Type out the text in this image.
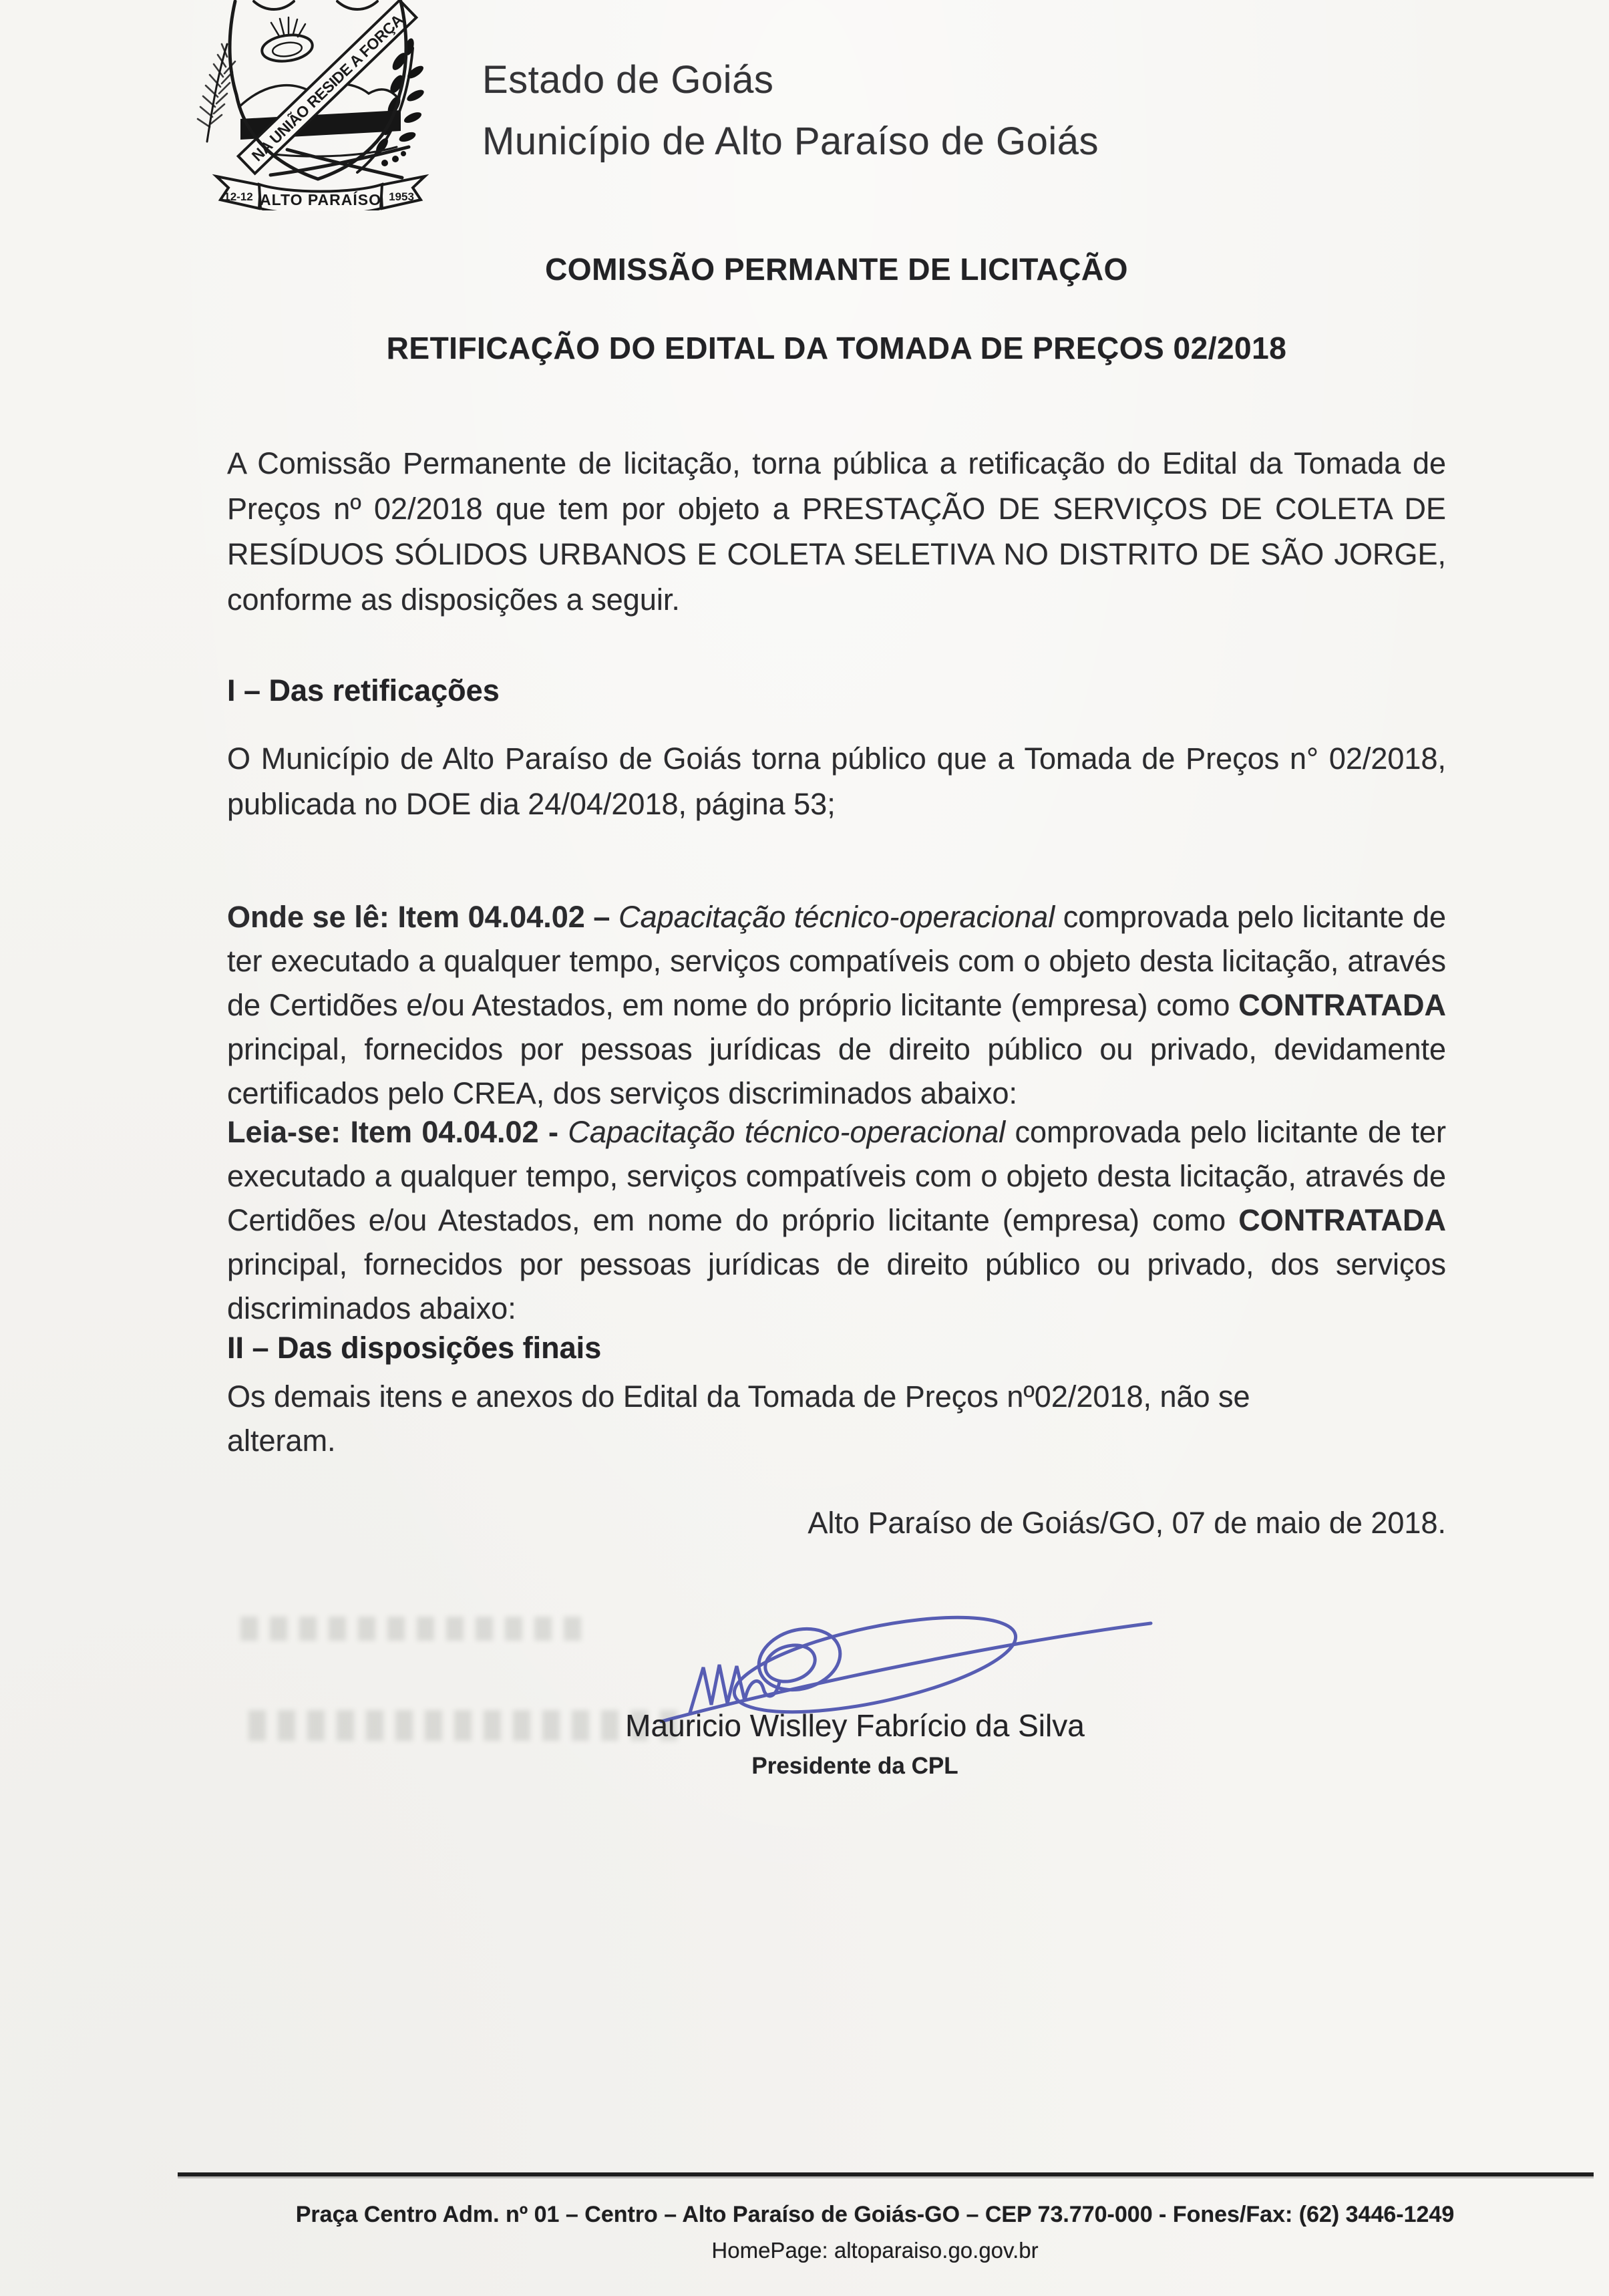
NA UNIÃO RESIDE A FORÇA
12-12 ALTO PARAÍSO 1953
Estado de Goiás
Município de Alto Paraíso de Goiás
COMISSÃO PERMANTE DE LICITAÇÃO
RETIFICAÇÃO DO EDITAL DA TOMADA DE PREÇOS 02/2018
A Comissão Permanente de licitação, torna pública a retificação do Edital da Tomada de Preços nº 02/2018 que tem por objeto a PRESTAÇÃO DE SERVIÇOS DE COLETA DE RESÍDUOS SÓLIDOS URBANOS E COLETA SELETIVA NO DISTRITO DE SÃO JORGE, conforme as disposições a seguir.
I – Das retificações
O Município de Alto Paraíso de Goiás torna público que a Tomada de Preços n° 02/2018, publicada no DOE dia 24/04/2018, página 53;
Onde se lê: Item 04.04.02 – Capacitação técnico-operacional comprovada pelo licitante de ter executado a qualquer tempo, serviços compatíveis com o objeto desta licitação, através de Certidões e/ou Atestados, em nome do próprio licitante (empresa) como CONTRATADA principal, fornecidos por pessoas jurídicas de direito público ou privado, devidamente certificados pelo CREA, dos serviços discriminados abaixo:
Leia-se: Item 04.04.02 - Capacitação técnico-operacional comprovada pelo licitante de ter executado a qualquer tempo, serviços compatíveis com o objeto desta licitação, através de Certidões e/ou Atestados, em nome do próprio licitante (empresa) como CONTRATADA principal, fornecidos por pessoas jurídicas de direito público ou privado, dos serviços discriminados abaixo:
II – Das disposições finais
Os demais itens e anexos do Edital da Tomada de Preços nº02/2018, não se alteram.
Alto Paraíso de Goiás/GO, 07 de maio de 2018.
Mauricio Wislley Fabrício da Silva
Presidente da CPL
Praça Centro Adm. nº 01 – Centro – Alto Paraíso de Goiás-GO – CEP 73.770-000 - Fones/Fax: (62) 3446-1249
HomePage: altoparaiso.go.gov.br
